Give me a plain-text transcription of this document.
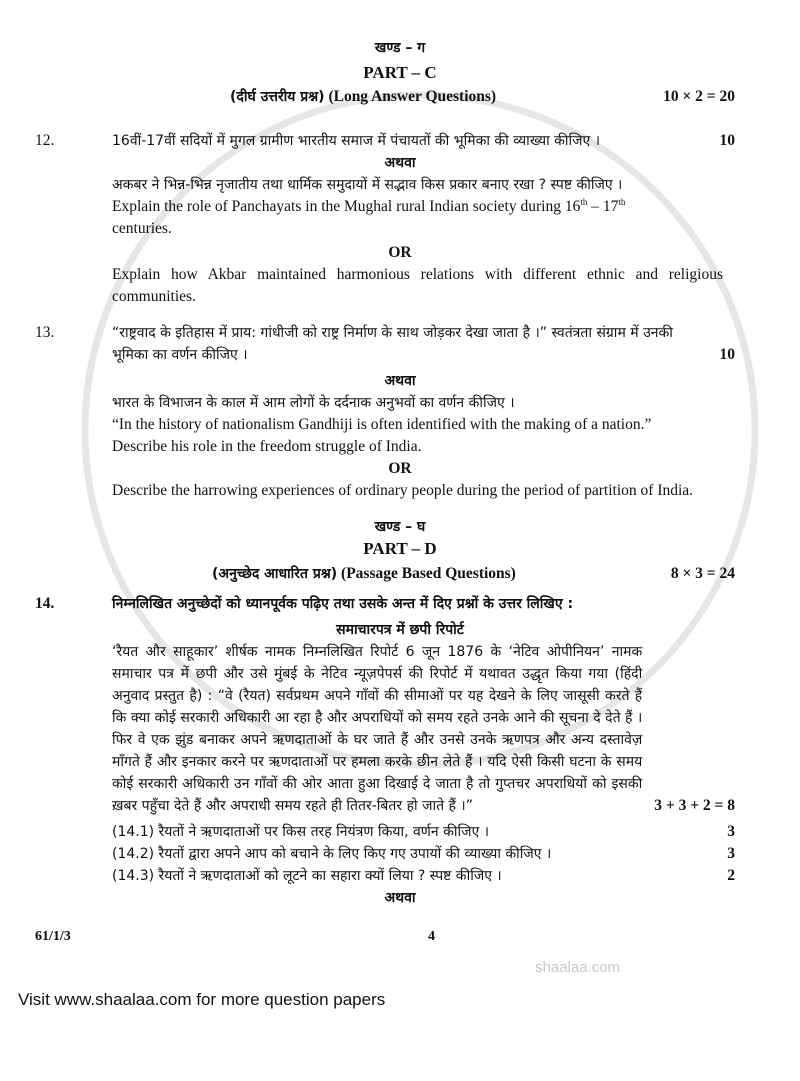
खण्ड – ग
PART – C
(दीर्घ उत्तरीय प्रश्न) (Long Answer Questions)	10 × 2 = 20
12.	16वीं-17वीं सदियों में मुगल ग्रामीण भारतीय समाज में पंचायतों की भूमिका की व्याख्या कीजिए ।	10
अथवा
अकबर ने भिन्न-भिन्न नृजातीय तथा धार्मिक समुदायों में सद्भाव किस प्रकार बनाए रखा ? स्पष्ट कीजिए ।
Explain the role of Panchayats in the Mughal rural Indian society during 16th – 17th
centuries.
OR
Explain how Akbar maintained harmonious relations with different ethnic and religious communities.
13.	“राष्ट्रवाद के इतिहास में प्राय: गांधीजी को राष्ट्र निर्माण के साथ जोड़कर देखा जाता है ।” स्वतंत्रता संग्राम में उनकी भूमिका का वर्णन कीजिए ।	10
अथवा
भारत के विभाजन के काल में आम लोगों के दर्दनाक अनुभवों का वर्णन कीजिए ।
“In the history of nationalism Gandhiji is often identified with the making of a nation.”
Describe his role in the freedom struggle of India.
OR
Describe the harrowing experiences of ordinary people during the period of partition of India.
खण्ड – घ
PART – D
(अनुच्छेद आधारित प्रश्न) (Passage Based Questions)	8 × 3 = 24
14.	निम्नलिखित अनुच्छेदों को ध्यानपूर्वक पढ़िए तथा उसके अन्त में दिए प्रश्नों के उत्तर लिखिए :
समाचारपत्र में छपी रिपोर्ट
‘रैयत और साहूकार’ शीर्षक नामक निम्नलिखित रिपोर्ट 6 जून 1876 के ‘नेटिव ओपीनियन’ नामक समाचार पत्र में छपी और उसे मुंबई के नेटिव न्यूज़पेपर्स की रिपोर्ट में यथावत उद्धृत किया गया (हिंदी अनुवाद प्रस्तुत है) : “वे (रैयत) सर्वप्रथम अपने गाँवों की सीमाओं पर यह देखने के लिए जासूसी करते हैं कि क्या कोई सरकारी अधिकारी आ रहा है और अपराधियों को समय रहते उनके आने की सूचना दे देते हैं । फिर वे एक झुंड बनाकर अपने ऋणदाताओं के घर जाते हैं और उनसे उनके ऋणपत्र और अन्य दस्तावेज़ माँगते हैं और इनकार करने पर ऋणदाताओं पर हमला करके छीन लेते हैं । यदि ऐसी किसी घटना के समय कोई सरकारी अधिकारी उन गाँवों की ओर आता हुआ दिखाई दे जाता है तो गुप्तचर अपराधियों को इसकी ख़बर पहुँचा देते हैं और अपराधी समय रहते ही तितर-बितर हो जाते हैं ।”	3 + 3 + 2 = 8
(14.1) रैयतों ने ऋणदाताओं पर किस तरह नियंत्रण किया, वर्णन कीजिए ।	3
(14.2) रैयतों द्वारा अपने आप को बचाने के लिए किए गए उपायों की व्याख्या कीजिए ।	3
(14.3) रैयतों ने ऋणदाताओं को लूटने का सहारा क्यों लिया ? स्पष्ट कीजिए ।	2
अथवा
61/1/3	4
shaalaa.com
Visit www.shaalaa.com for more question papers
